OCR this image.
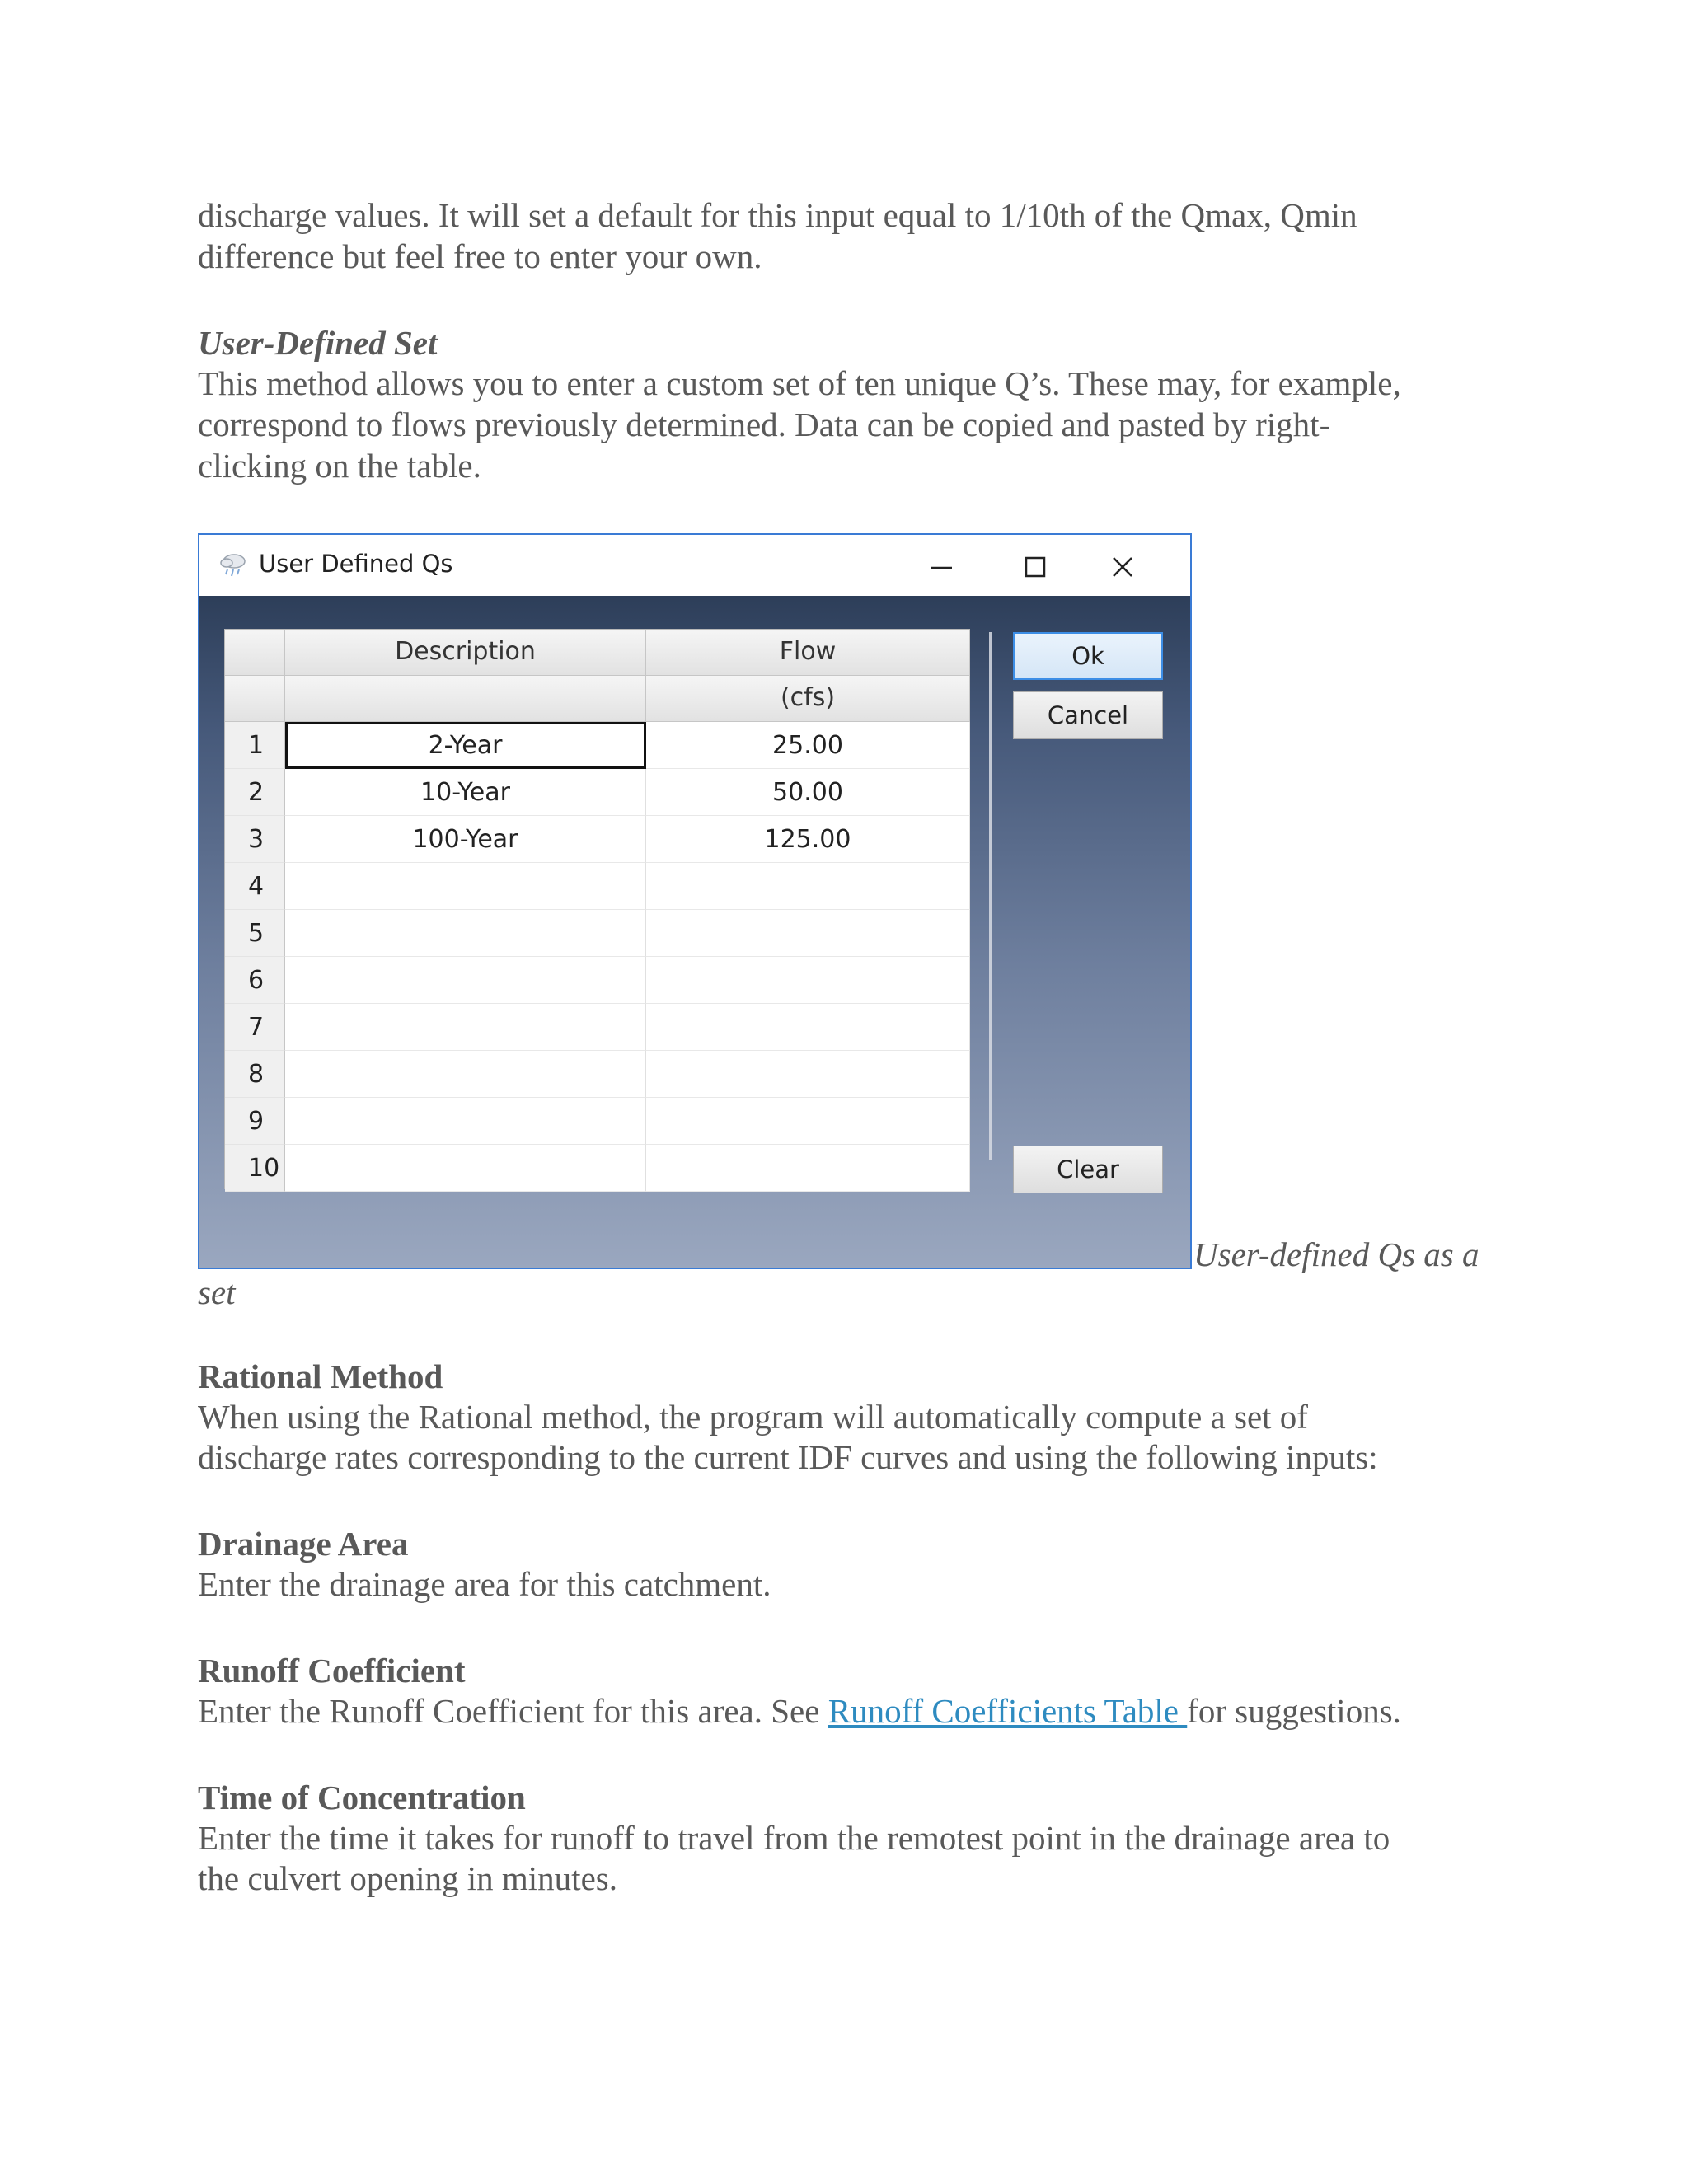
discharge values. It will set a default for this input equal to 1/10th of the Qmax, Qmin

difference but feel free to enter your own.

User-Defined Set

This method allows you to enter a custom set of ten unique Q’s. These may, for example,

correspond to flows previously determined. Data can be copied and pasted by right-

clicking on the table.

User Defined Qs
Description	Flow
(cfs)
1	2-Year	25.00
2	10-Year	50.00
3	100-Year	125.00
4
5
6
7
8
9
10
Ok
Cancel
Clear
User-defined Qs as a
set

Rational Method

When using the Rational method, the program will automatically compute a set of

discharge rates corresponding to the current IDF curves and using the following inputs:

Drainage Area

Enter the drainage area for this catchment.

Runoff Coefficient

Enter the Runoff Coefficient for this area. See Runoff Coefficients Table for suggestions.

Time of Concentration

Enter the time it takes for runoff to travel from the remotest point in the drainage area to

the culvert opening in minutes.
